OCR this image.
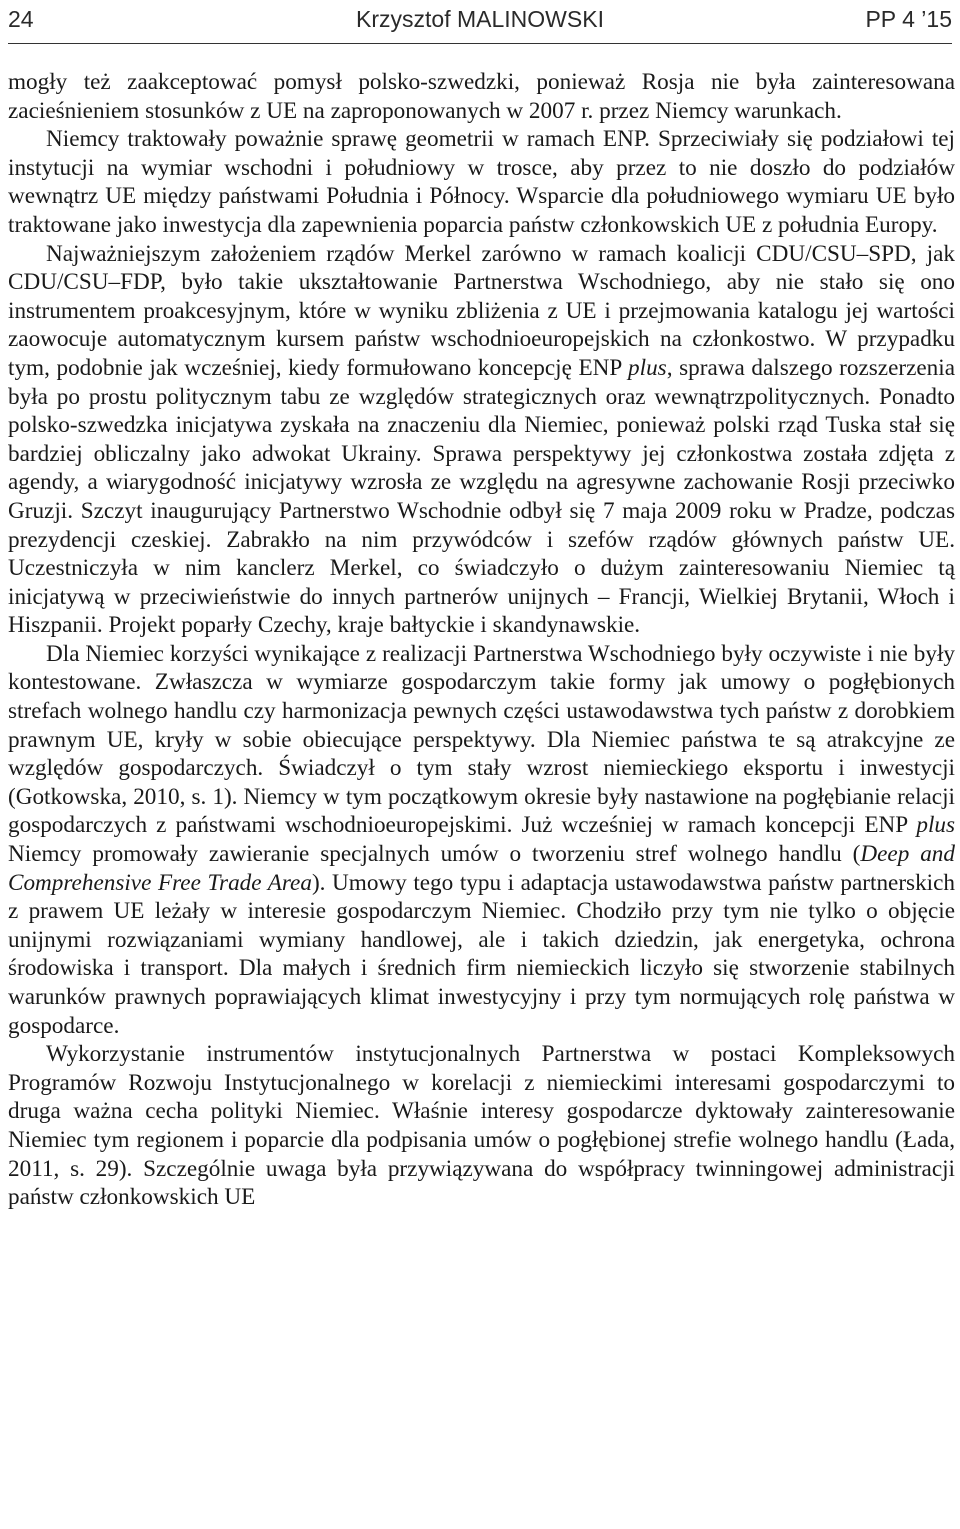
24	Krzysztof MALINOWSKI	PP 4 ’15

mogły też zaakceptować pomysł polsko-szwedzki, ponieważ Rosja nie była zainteresowana zacieśnieniem stosunków z UE na zaproponowanych w 2007 r. przez Niemcy warunkach.

Niemcy traktowały poważnie sprawę geometrii w ramach ENP. Sprzeciwiały się podziałowi tej instytucji na wymiar wschodni i południowy w trosce, aby przez to nie doszło do podziałów wewnątrz UE między państwami Południa i Północy. Wsparcie dla południowego wymiaru UE było traktowane jako inwestycja dla zapewnienia poparcia państw członkowskich UE z południa Europy.

Najważniejszym założeniem rządów Merkel zarówno w ramach koalicji CDU/CSU–SPD, jak CDU/CSU–FDP, było takie ukształtowanie Partnerstwa Wschodniego, aby nie stało się ono instrumentem proakcesyjnym, które w wyniku zbliżenia z UE i przejmowania katalogu jej wartości zaowocuje automatycznym kursem państw wschodnioeuropejskich na członkostwo. W przypadku tym, podobnie jak wcześniej, kiedy formułowano koncepcję ENP plus, sprawa dalszego rozszerzenia była po prostu politycznym tabu ze względów strategicznych oraz wewnątrzpolitycznych. Ponadto polsko-szwedzka inicjatywa zyskała na znaczeniu dla Niemiec, ponieważ polski rząd Tuska stał się bardziej obliczalny jako adwokat Ukrainy. Sprawa perspektywy jej członkostwa została zdjęta z agendy, a wiarygodność inicjatywy wzrosła ze względu na agresywne zachowanie Rosji przeciwko Gruzji. Szczyt inaugurujący Partnerstwo Wschodnie odbył się 7 maja 2009 roku w Pradze, podczas prezydencji czeskiej. Zabrakło na nim przywódców i szefów rządów głównych państw UE. Uczestniczyła w nim kanclerz Merkel, co świadczyło o dużym zainteresowaniu Niemiec tą inicjatywą w przeciwieństwie do innych partnerów unijnych – Francji, Wielkiej Brytanii, Włoch i Hiszpanii. Projekt poparły Czechy, kraje bałtyckie i skandynawskie.

Dla Niemiec korzyści wynikające z realizacji Partnerstwa Wschodniego były oczywiste i nie były kontestowane. Zwłaszcza w wymiarze gospodarczym takie formy jak umowy o pogłębionych strefach wolnego handlu czy harmonizacja pewnych części ustawodawstwa tych państw z dorobkiem prawnym UE, kryły w sobie obiecujące perspektywy. Dla Niemiec państwa te są atrakcyjne ze względów gospodarczych. Świadczył o tym stały wzrost niemieckiego eksportu i inwestycji (Gotkowska, 2010, s. 1). Niemcy w tym początkowym okresie były nastawione na pogłębianie relacji gospodarczych z państwami wschodnioeuropejskimi. Już wcześniej w ramach koncepcji ENP plus Niemcy promowały zawieranie specjalnych umów o tworzeniu stref wolnego handlu (Deep and Comprehensive Free Trade Area). Umowy tego typu i adaptacja ustawodawstwa państw partnerskich z prawem UE leżały w interesie gospodarczym Niemiec. Chodziło przy tym nie tylko o objęcie unijnymi rozwiązaniami wymiany handlowej, ale i takich dziedzin, jak energetyka, ochrona środowiska i transport. Dla małych i średnich firm niemieckich liczyło się stworzenie stabilnych warunków prawnych poprawiających klimat inwestycyjny i przy tym normujących rolę państwa w gospodarce.

Wykorzystanie instrumentów instytucjonalnych Partnerstwa w postaci Kompleksowych Programów Rozwoju Instytucjonalnego w korelacji z niemieckimi interesami gospodarczymi to druga ważna cecha polityki Niemiec. Właśnie interesy gospodarcze dyktowały zainteresowanie Niemiec tym regionem i poparcie dla podpisania umów o pogłębionej strefie wolnego handlu (Łada, 2011, s. 29). Szczególnie uwaga była przywiązywana do współpracy twinningowej administracji państw członkowskich UE
